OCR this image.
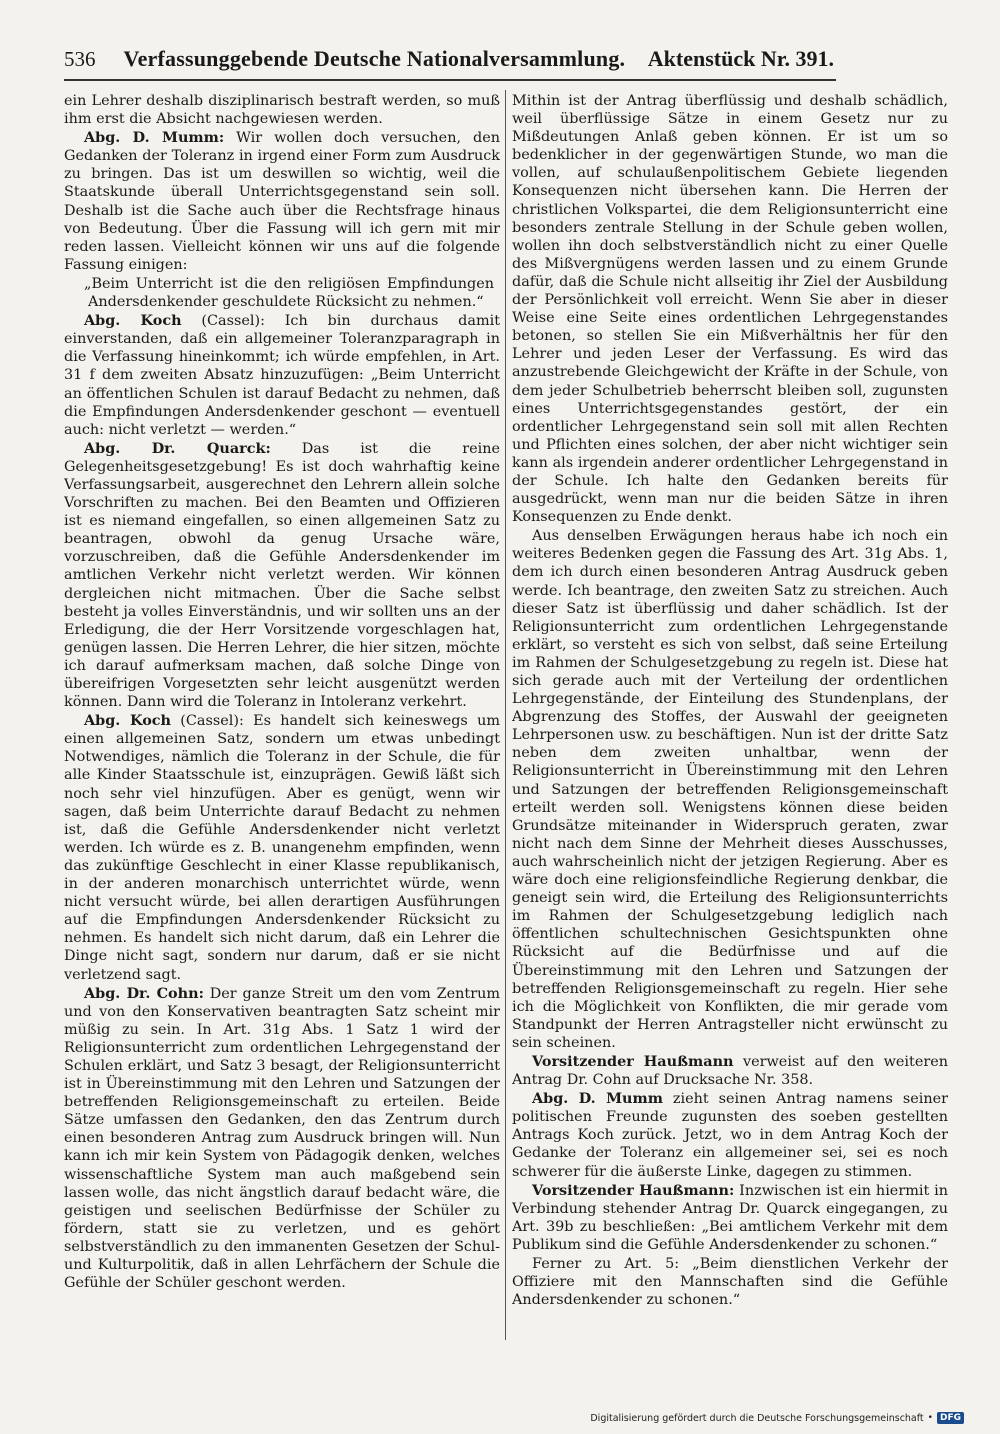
536 Verfassunggebende Deutsche Nationalversammlung. Aktenstück Nr. 391.

ein Lehrer deshalb disziplinarisch bestraft werden, so muß ihm erst die Absicht nachgewiesen werden.

Abg. D. Mumm: Wir wollen doch versuchen, den Gedanken der Toleranz in irgend einer Form zum Ausdruck zu bringen. Das ist um deswillen so wichtig, weil die Staatskunde überall Unterrichtsgegenstand sein soll. Deshalb ist die Sache auch über die Rechtsfrage hinaus von Bedeutung. Über die Fassung will ich gern mit mir reden lassen. Vielleicht können wir uns auf die folgende Fassung einigen:

„Beim Unterricht ist die den religiösen Empfindungen Andersdenkender geschuldete Rücksicht zu nehmen.“

Abg. Koch (Cassel): Ich bin durchaus damit einverstanden, daß ein allgemeiner Toleranzparagraph in die Verfassung hineinkommt; ich würde empfehlen, in Art. 31 f dem zweiten Absatz hinzuzufügen: „Beim Unterricht an öffentlichen Schulen ist darauf Bedacht zu nehmen, daß die Empfindungen Andersdenkender geschont — eventuell auch: nicht verletzt — werden.“

Abg. Dr. Quarck: Das ist die reine Gelegenheitsgesetzgebung! Es ist doch wahrhaftig keine Verfassungsarbeit, ausgerechnet den Lehrern allein solche Vorschriften zu machen. Bei den Beamten und Offizieren ist es niemand eingefallen, so einen allgemeinen Satz zu beantragen, obwohl da genug Ursache wäre, vorzuschreiben, daß die Gefühle Andersdenkender im amtlichen Verkehr nicht verletzt werden. Wir können dergleichen nicht mitmachen. Über die Sache selbst besteht ja volles Einverständnis, und wir sollten uns an der Erledigung, die der Herr Vorsitzende vorgeschlagen hat, genügen lassen. Die Herren Lehrer, die hier sitzen, möchte ich darauf aufmerksam machen, daß solche Dinge von übereifrigen Vorgesetzten sehr leicht ausgenützt werden können. Dann wird die Toleranz in Intoleranz verkehrt.

Abg. Koch (Cassel): Es handelt sich keineswegs um einen allgemeinen Satz, sondern um etwas unbedingt Notwendiges, nämlich die Toleranz in der Schule, die für alle Kinder Staatsschule ist, einzuprägen. Gewiß läßt sich noch sehr viel hinzufügen. Aber es genügt, wenn wir sagen, daß beim Unterrichte darauf Bedacht zu nehmen ist, daß die Gefühle Andersdenkender nicht verletzt werden. Ich würde es z. B. unangenehm empfinden, wenn das zukünftige Geschlecht in einer Klasse republikanisch, in der anderen monarchisch unterrichtet würde, wenn nicht versucht würde, bei allen derartigen Ausführungen auf die Empfindungen Andersdenkender Rücksicht zu nehmen. Es handelt sich nicht darum, daß ein Lehrer die Dinge nicht sagt, sondern nur darum, daß er sie nicht verletzend sagt.

Abg. Dr. Cohn: Der ganze Streit um den vom Zentrum und von den Konservativen beantragten Satz scheint mir müßig zu sein. In Art. 31g Abs. 1 Satz 1 wird der Religionsunterricht zum ordentlichen Lehrgegenstand der Schulen erklärt, und Satz 3 besagt, der Religionsunterricht ist in Übereinstimmung mit den Lehren und Satzungen der betreffenden Religionsgemeinschaft zu erteilen. Beide Sätze umfassen den Gedanken, den das Zentrum durch einen besonderen Antrag zum Ausdruck bringen will. Nun kann ich mir kein System von Pädagogik denken, welches wissenschaftliche System man auch maßgebend sein lassen wolle, das nicht ängstlich darauf bedacht wäre, die geistigen und seelischen Bedürfnisse der Schüler zu fördern, statt sie zu verletzen, und es gehört selbstverständlich zu den immanenten Gesetzen der Schul- und Kulturpolitik, daß in allen Lehrfächern der Schule die Gefühle der Schüler geschont werden.

Mithin ist der Antrag überflüssig und deshalb schädlich, weil überflüssige Sätze in einem Gesetz nur zu Mißdeutungen Anlaß geben können. Er ist um so bedenklicher in der gegenwärtigen Stunde, wo man die vollen, auf schulaußenpolitischem Gebiete liegenden Konsequenzen nicht übersehen kann. Die Herren der christlichen Volkspartei, die dem Religionsunterricht eine besonders zentrale Stellung in der Schule geben wollen, wollen ihn doch selbstverständlich nicht zu einer Quelle des Mißvergnügens werden lassen und zu einem Grunde dafür, daß die Schule nicht allseitig ihr Ziel der Ausbildung der Persönlichkeit voll erreicht. Wenn Sie aber in dieser Weise eine Seite eines ordentlichen Lehrgegenstandes betonen, so stellen Sie ein Mißverhältnis her für den Lehrer und jeden Leser der Verfassung. Es wird das anzustrebende Gleichgewicht der Kräfte in der Schule, von dem jeder Schulbetrieb beherrscht bleiben soll, zugunsten eines Unterrichtsgegenstandes gestört, der ein ordentlicher Lehrgegenstand sein soll mit allen Rechten und Pflichten eines solchen, der aber nicht wichtiger sein kann als irgendein anderer ordentlicher Lehrgegenstand in der Schule. Ich halte den Gedanken bereits für ausgedrückt, wenn man nur die beiden Sätze in ihren Konsequenzen zu Ende denkt.

Aus denselben Erwägungen heraus habe ich noch ein weiteres Bedenken gegen die Fassung des Art. 31g Abs. 1, dem ich durch einen besonderen Antrag Ausdruck geben werde. Ich beantrage, den zweiten Satz zu streichen. Auch dieser Satz ist überflüssig und daher schädlich. Ist der Religionsunterricht zum ordentlichen Lehrgegenstande erklärt, so versteht es sich von selbst, daß seine Erteilung im Rahmen der Schulgesetzgebung zu regeln ist. Diese hat sich gerade auch mit der Verteilung der ordentlichen Lehrgegenstände, der Einteilung des Stundenplans, der Abgrenzung des Stoffes, der Auswahl der geeigneten Lehrpersonen usw. zu beschäftigen. Nun ist der dritte Satz neben dem zweiten unhaltbar, wenn der Religionsunterricht in Übereinstimmung mit den Lehren und Satzungen der betreffenden Religionsgemeinschaft erteilt werden soll. Wenigstens können diese beiden Grundsätze miteinander in Widerspruch geraten, zwar nicht nach dem Sinne der Mehrheit dieses Ausschusses, auch wahrscheinlich nicht der jetzigen Regierung. Aber es wäre doch eine religionsfeindliche Regierung denkbar, die geneigt sein wird, die Erteilung des Religionsunterrichts im Rahmen der Schulgesetzgebung lediglich nach öffentlichen schultechnischen Gesichtspunkten ohne Rücksicht auf die Bedürfnisse und auf die Übereinstimmung mit den Lehren und Satzungen der betreffenden Religionsgemeinschaft zu regeln. Hier sehe ich die Möglichkeit von Konflikten, die mir gerade vom Standpunkt der Herren Antragsteller nicht erwünscht zu sein scheinen.

Vorsitzender Haußmann verweist auf den weiteren Antrag Dr. Cohn auf Drucksache Nr. 358.

Abg. D. Mumm zieht seinen Antrag namens seiner politischen Freunde zugunsten des soeben gestellten Antrags Koch zurück. Jetzt, wo in dem Antrag Koch der Gedanke der Toleranz ein allgemeiner sei, sei es noch schwerer für die äußerste Linke, dagegen zu stimmen.

Vorsitzender Haußmann: Inzwischen ist ein hiermit in Verbindung stehender Antrag Dr. Quarck eingegangen, zu Art. 39b zu beschließen: „Bei amtlichem Verkehr mit dem Publikum sind die Gefühle Andersdenkender zu schonen.“

Ferner zu Art. 5: „Beim dienstlichen Verkehr der Offiziere mit den Mannschaften sind die Gefühle Andersdenkender zu schonen.“

Digitalisierung gefördert durch die Deutsche Forschungsgemeinschaft • DFG
